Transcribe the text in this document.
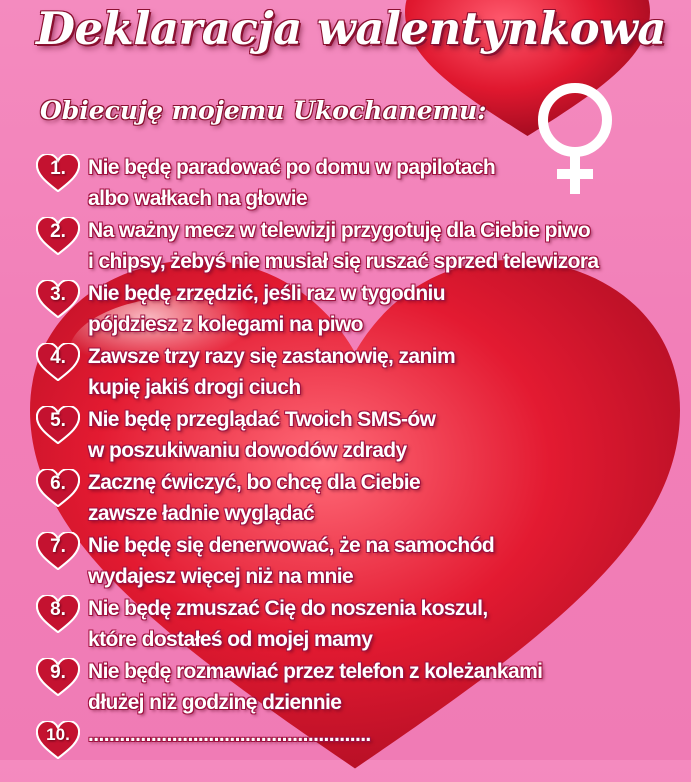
Deklaracja walentynkowa
Obiecuję mojemu Ukochanemu:
1.	Nie będę paradować po domu w papilotach
albo wałkach na głowie
2.	Na ważny mecz w telewizji przygotuję dla Ciebie piwo
i chipsy, żebyś nie musiał się ruszać sprzed telewizora
3.	Nie będę zrzędzić, jeśli raz w tygodniu
pójdziesz z kolegami na piwo
4.	Zawsze trzy razy się zastanowię, zanim
kupię jakiś drogi ciuch
5.	Nie będę przeglądać Twoich SMS-ów
w poszukiwaniu dowodów zdrady
6.	Zacznę ćwiczyć, bo chcę dla Ciebie
zawsze ładnie wyglądać
7.	Nie będę się denerwować, że na samochód
wydajesz więcej niż na mnie
8.	Nie będę zmuszać Cię do noszenia koszul,
które dostałeś od mojej mamy
9.	Nie będę rozmawiać przez telefon z koleżankami
dłużej niż godzinę dziennie
10. ......................................................
